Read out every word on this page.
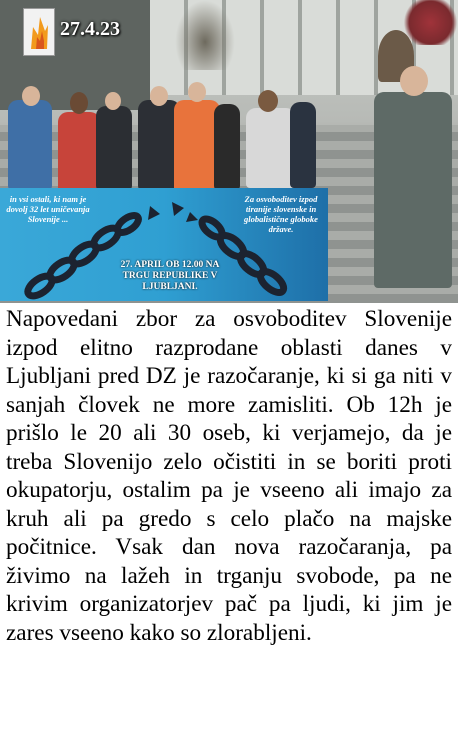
27.4.23
in vsi ostali, ki nam je dovolj 32 let uničevanja Slovenije ...
Za osvoboditev izpod tiranije slovenske in globalistične globoke države.
27. APRIL OB 12.00 NA TRGU REPUBLIKE V LJUBLJANI.

Napovedani zbor za osvoboditev Slovenije izpod elitno razprodane oblasti danes v Ljubljani pred DZ je razočaranje, ki si ga niti v sanjah človek ne more zamisliti. Ob 12h je prišlo le 20 ali 30 oseb, ki verjamejo, da je treba Slovenijo zelo očistiti in se boriti proti okupatorju, ostalim pa je vseeno ali imajo za kruh ali pa gredo s celo plačo na majske počitnice. Vsak dan nova razočaranja, pa živimo na lažeh in trganju svobode, pa ne krivim organizatorjev pač pa ljudi, ki jim je zares vseeno kako so zlorabljeni.
